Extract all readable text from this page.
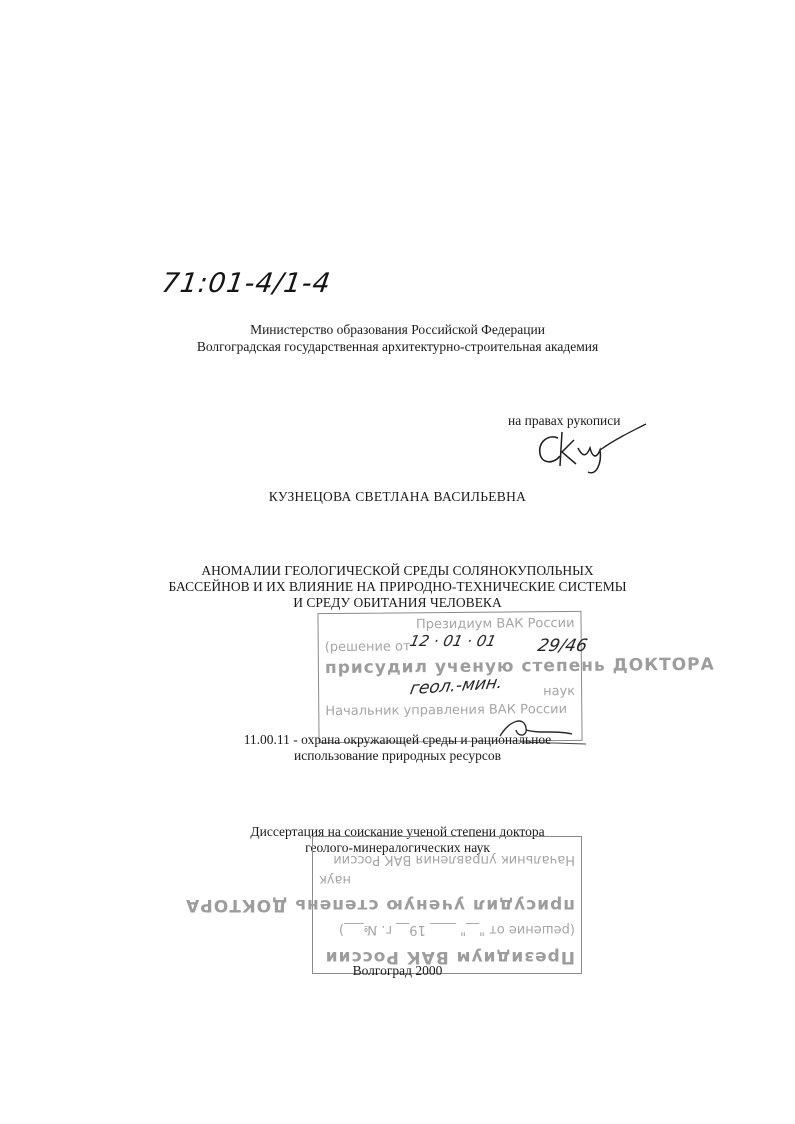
71:01-4/1-4
Министерство образования Российской Федерации
Волгоградская государственная архитектурно-строительная академия
на правах рукописи
КУЗНЕЦОВА СВЕТЛАНА ВАСИЛЬЕВНА
АНОМАЛИИ ГЕОЛОГИЧЕСКОЙ СРЕДЫ СОЛЯНОКУПОЛЬНЫХ
БАССЕЙНОВ И ИХ ВЛИЯНИЕ НА ПРИРОДНО-ТЕХНИЧЕСКИЕ СИСТЕМЫ
И СРЕДУ ОБИТАНИЯ ЧЕЛОВЕКА
Президиум ВАК России
(решение от
присудил ученую степень ДОКТОРА
наук
Начальник управления ВАК России
12 · 01 · 01 29/46
геол.-мин.
11.00.11 - охрана окружающей среды и рациональное
использование природных ресурсов
Диссертация на соискание ученой степени доктора
геолого-минералогических наук
Президиум ВАК России
(решение от "__" ____ 19__ г. №___)
присудил ученую степень ДОКТОРА
наук
Начальник управления ВАК России
Волгоград 2000
